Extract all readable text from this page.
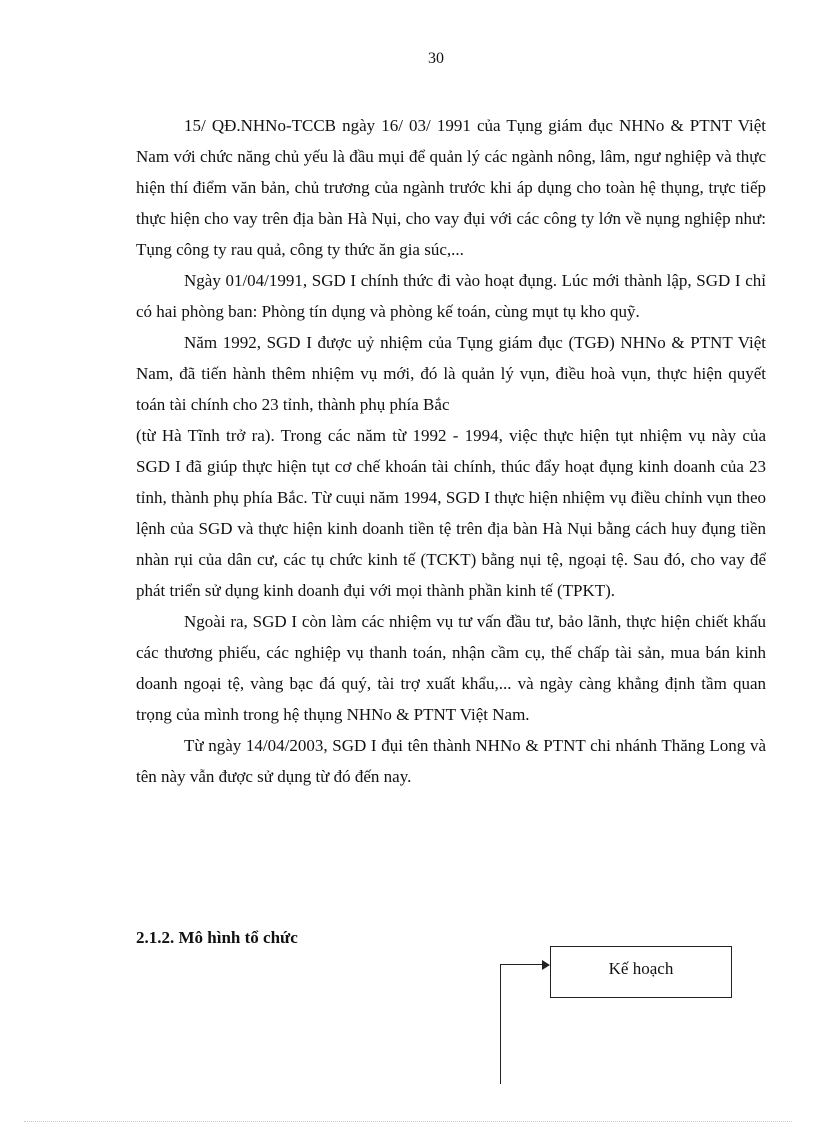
30

15/ QĐ.NHNo-TCCB ngày 16/ 03/ 1991 của Tụng giám đục NHNo & PTNT Việt Nam với chức năng chủ yếu là đầu mụi để quản lý các ngành nông, lâm, ngư nghiệp và thực hiện thí điểm văn bản, chủ trương của ngành trước khi áp dụng cho toàn hệ thụng, trực tiếp thực hiện cho vay trên địa bàn Hà Nụi, cho vay đụi với các công ty lớn về nụng nghiệp như: Tụng công ty rau quả, công ty thức ăn gia súc,...

Ngày 01/04/1991, SGD I chính thức đi vào hoạt đụng. Lúc mới thành lập, SGD I chỉ có hai phòng ban: Phòng tín dụng và phòng kế toán, cùng mụt tụ kho quỹ.

Năm 1992, SGD I được uỷ nhiệm của Tụng giám đục (TGĐ) NHNo & PTNT Việt Nam, đã tiến hành thêm nhiệm vụ mới, đó là quản lý vụn, điều hoà vụn, thực hiện quyết toán tài chính cho 23 tỉnh, thành phụ phía Bắc

(từ Hà Tĩnh trở ra). Trong các năm từ 1992 - 1994, việc thực hiện tụt nhiệm vụ này của SGD I đã giúp thực hiện tụt cơ chế khoán tài chính, thúc đẩy hoạt đụng kinh doanh của 23 tỉnh, thành phụ phía Bắc. Từ cuụi năm 1994, SGD I thực hiện nhiệm vụ điều chỉnh vụn theo lệnh của SGD và thực hiện kinh doanh tiền tệ trên địa bàn Hà Nụi bằng cách huy đụng tiền nhàn rụi của dân cư, các tụ chức kinh tế (TCKT) bằng nụi tệ, ngoại tệ. Sau đó, cho vay để phát triển sử dụng kinh doanh đụi với mọi thành phần kinh tế (TPKT).

Ngoài ra, SGD I còn làm các nhiệm vụ tư vấn đầu tư, bảo lãnh, thực hiện chiết khấu các thương phiếu, các nghiệp vụ thanh toán, nhận cầm cụ, thế chấp tài sản, mua bán kinh doanh ngoại tệ, vàng bạc đá quý, tài trợ xuất khẩu,... và ngày càng khẳng định tầm quan trọng của mình trong hệ thụng NHNo & PTNT Việt Nam.

Từ ngày 14/04/2003, SGD I đụi tên thành NHNo & PTNT chi nhánh Thăng Long và tên này vẫn được sử dụng từ đó đến nay.

2.1.2. Mô hình tổ chức
Kế hoạch
